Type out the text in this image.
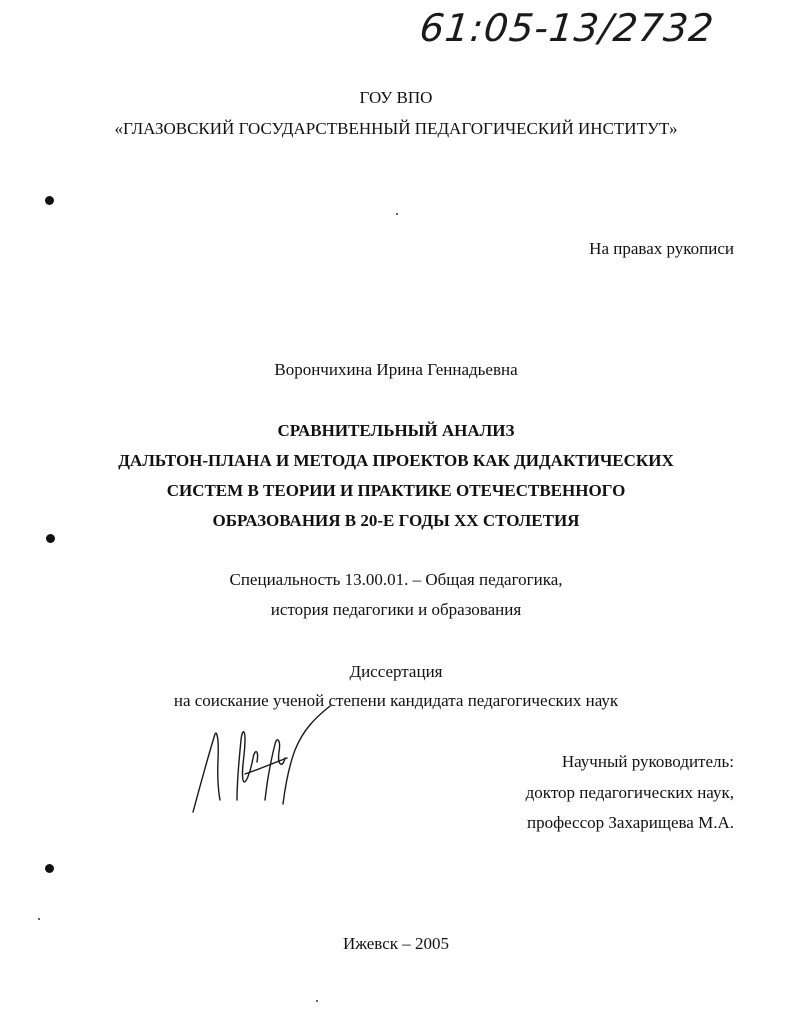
61:05-13/2732
ГОУ ВПО
«ГЛАЗОВСКИЙ ГОСУДАРСТВЕННЫЙ ПЕДАГОГИЧЕСКИЙ ИНСТИТУТ»
На правах рукописи
Ворончихина Ирина Геннадьевна
СРАВНИТЕЛЬНЫЙ АНАЛИЗ
ДАЛЬТОН-ПЛАНА И МЕТОДА ПРОЕКТОВ КАК ДИДАКТИЧЕСКИХ
СИСТЕМ В ТЕОРИИ И ПРАКТИКЕ ОТЕЧЕСТВЕННОГО
ОБРАЗОВАНИЯ В 20-Е ГОДЫ XX СТОЛЕТИЯ
Специальность 13.00.01. – Общая педагогика,
история педагогики и образования
Диссертация
на соискание ученой степени кандидата педагогических наук
Научный руководитель:
доктор педагогических наук,
профессор Захарищева М.А.
Ижевск – 2005
